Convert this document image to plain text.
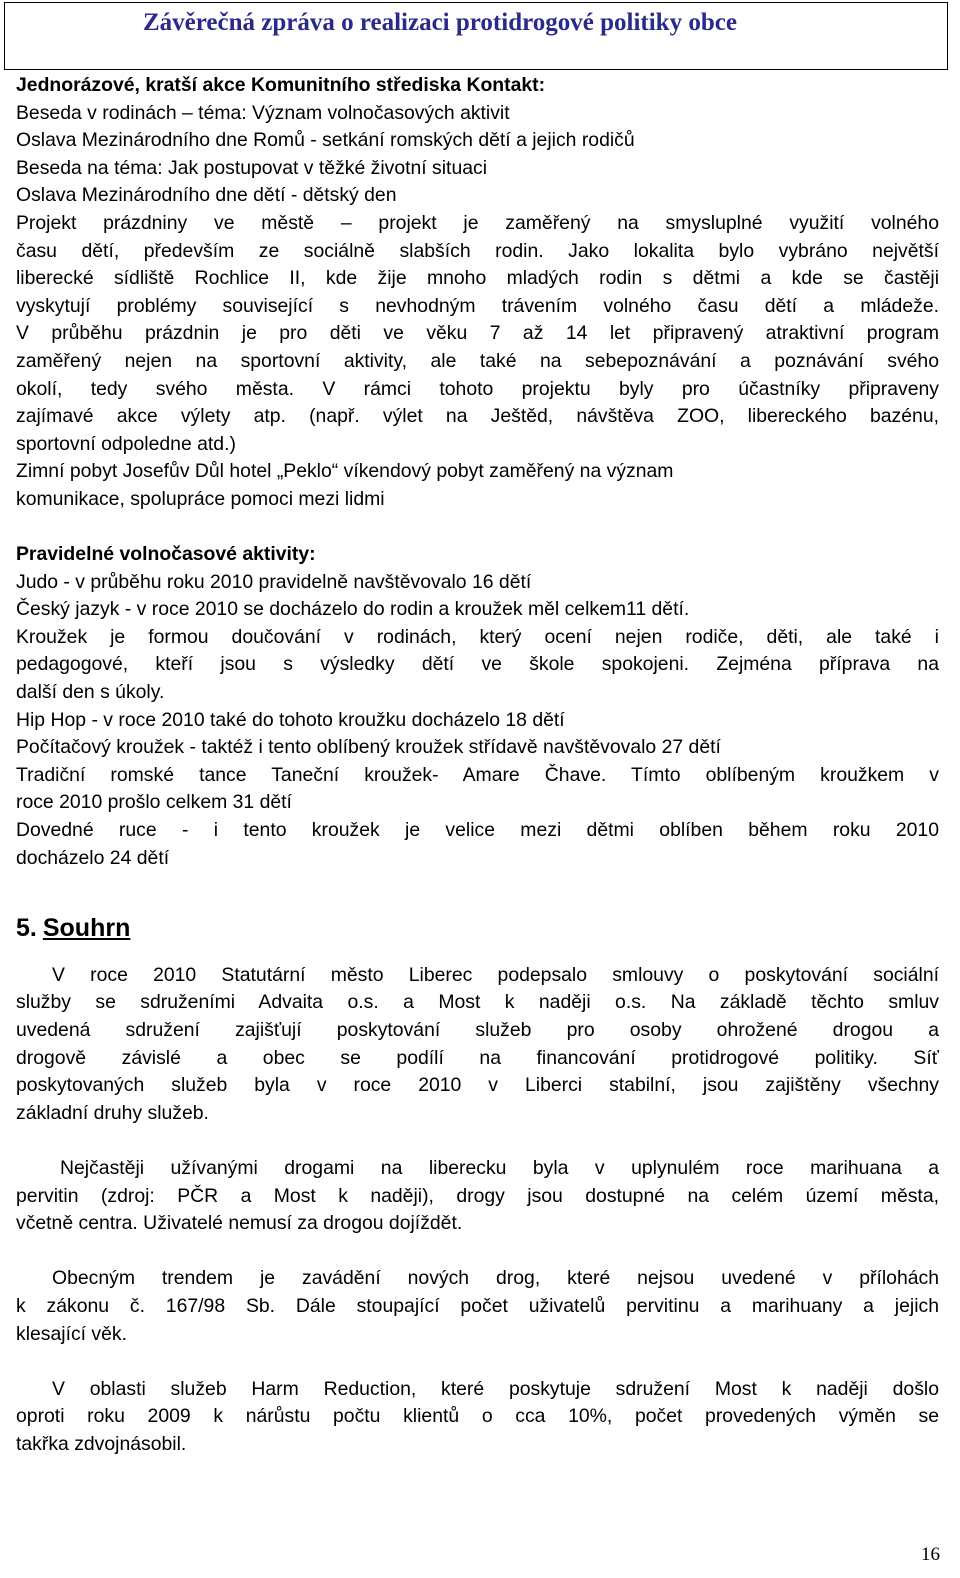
Závěrečná zpráva o realizaci protidrogové politiky obce
Jednorázové, kratší akce Komunitního střediska Kontakt:
Beseda v rodinách – téma: Význam volnočasových aktivit
Oslava Mezinárodního dne Romů - setkání romských dětí a jejich rodičů
Beseda na téma: Jak postupovat v těžké životní situaci
Oslava Mezinárodního dne dětí - dětský den
Projekt prázdniny ve městě – projekt je zaměřený na smysluplné využití volného
času dětí, především ze sociálně slabších rodin. Jako lokalita bylo vybráno největší
liberecké sídliště Rochlice II, kde žije mnoho mladých rodin s dětmi a kde se častěji
vyskytují problémy související s nevhodným trávením volného času dětí a mládeže.
V průběhu prázdnin je pro děti ve věku 7 až 14 let připravený atraktivní program
zaměřený nejen na sportovní aktivity, ale také na sebepoznávání a poznávání svého
okolí, tedy svého města. V rámci tohoto projektu byly pro účastníky připraveny
zajímavé akce výlety atp. (např. výlet na Ještěd, návštěva ZOO, libereckého bazénu,
sportovní odpoledne atd.)
Zimní pobyt Josefův Důl hotel „Peklo“ víkendový pobyt zaměřený na význam
komunikace, spolupráce pomoci mezi lidmi
Pravidelné volnočasové aktivity:
Judo - v průběhu roku 2010 pravidelně navštěvovalo 16 dětí
Český jazyk - v roce 2010 se docházelo do rodin a kroužek měl celkem11 dětí.
Kroužek je formou doučování v rodinách, který ocení nejen rodiče, děti, ale také i
pedagogové, kteří jsou s výsledky dětí ve škole spokojeni. Zejména příprava na
další den s úkoly.
Hip Hop - v roce 2010 také do tohoto kroužku docházelo 18 dětí
Počítačový kroužek - taktéž i tento oblíbený kroužek střídavě navštěvovalo 27 dětí
Tradiční romské tance Taneční kroužek- Amare Čhave. Tímto oblíbeným kroužkem v
roce 2010 prošlo celkem 31 dětí
Dovedné ruce - i tento kroužek je velice mezi dětmi oblíben během roku 2010
docházelo 24 dětí
5. Souhrn
V roce 2010 Statutární město Liberec podepsalo smlouvy o poskytování sociální
služby se sdruženími Advaita o.s. a Most k naději o.s. Na základě těchto smluv
uvedená sdružení zajišťují poskytování služeb pro osoby ohrožené drogou a
drogově závislé a obec se podílí na financování protidrogové politiky. Síť
poskytovaných služeb byla v roce 2010 v Liberci stabilní, jsou zajištěny všechny
základní druhy služeb.
Nejčastěji užívanými drogami na liberecku byla v uplynulém roce marihuana a
pervitin (zdroj: PČR a Most k naději), drogy jsou dostupné na celém území města,
včetně centra. Uživatelé nemusí za drogou dojíždět.
Obecným trendem je zavádění nových drog, které nejsou uvedené v přílohách
k zákonu č. 167/98 Sb. Dále stoupající počet uživatelů pervitinu a marihuany a jejich
klesající věk.
V oblasti služeb Harm Reduction, které poskytuje sdružení Most k naději došlo
oproti roku 2009 k nárůstu počtu klientů o cca 10%, počet provedených výměn se
takřka zdvojnásobil.
16
